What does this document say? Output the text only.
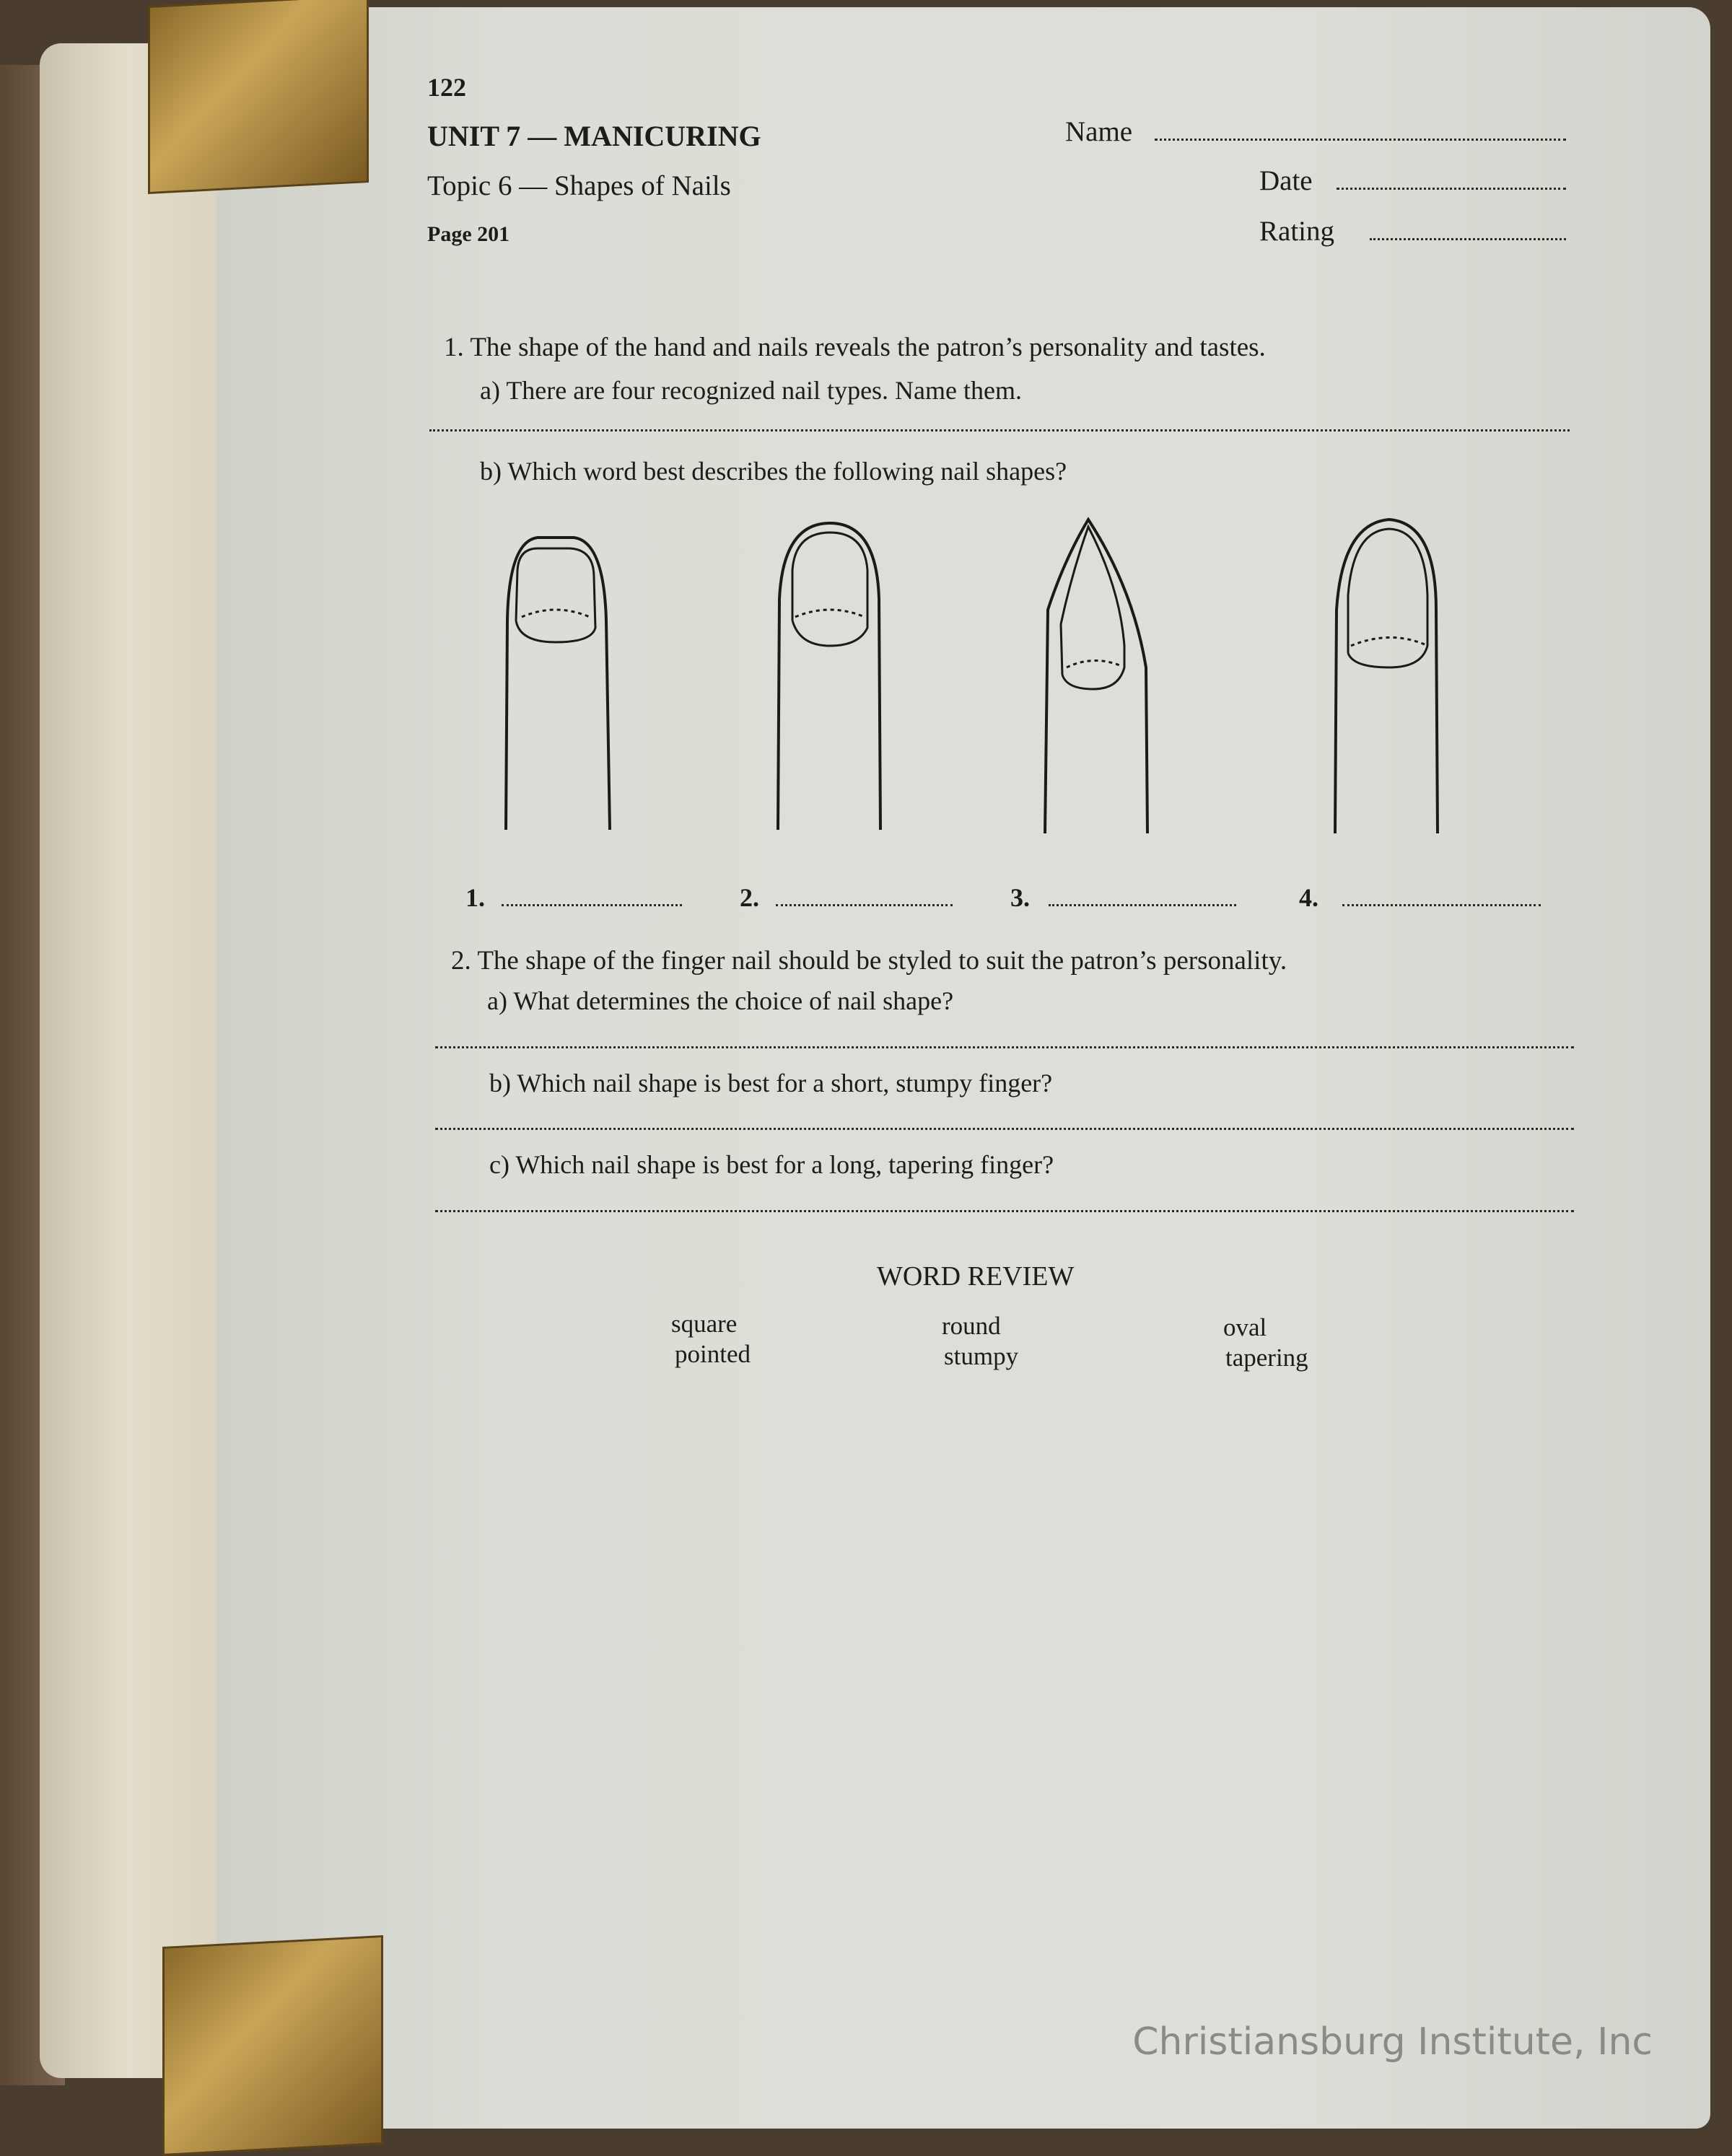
122
UNIT 7 — MANICURING
Topic 6 — Shapes of Nails
Page 201
Name
Date
Rating
1. The shape of the hand and nails reveals the patron’s personality and tastes.
a) There are four recognized nail types. Name them.
b) Which word best describes the following nail shapes?
1.	2.	3.	4.
2. The shape of the finger nail should be styled to suit the patron’s personality.
a) What determines the choice of nail shape?
b) Which nail shape is best for a short, stumpy finger?
c) Which nail shape is best for a long, tapering finger?
WORD REVIEW
square	round	oval
pointed	stumpy	tapering
Christiansburg Institute, Inc
